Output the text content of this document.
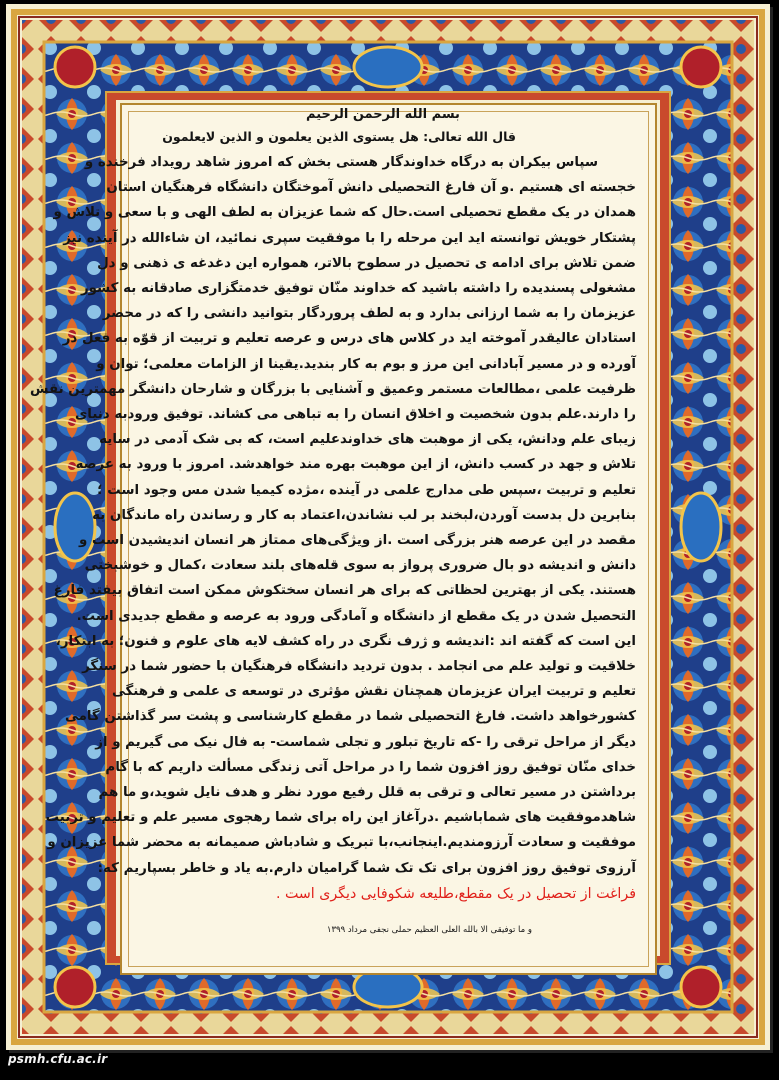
بسم الله الرحمن الرحیم

قال الله تعالی: هل یستوی الذین یعلمون و الذین لایعلمون

سپاس بیکران به درگاه خداوندگار هستی بخش که امروز شاهد رویداد فرخنده و

خجسته ای هستیم .و آن فارغ التحصیلی دانش آموختگان دانشگاه فرهنگیان استان

همدان در یک مقطع تحصیلی است.حال که شما عزیزان به لطف الهی و با سعی و تلاش و

پشتکار خویش توانسته اید این مرحله را با موفقیت سپری نمائید، ان شاءالله در آینده نیز

ضمن تلاش برای ادامه ی تحصیل در سطوح بالاتر، همواره این دغدغه ی ذهنی و دل

مشغولی پسندیده را داشته باشید که خداوند منّان توفیق خدمتگزاری صادقانه به کشور

عزیزمان را به شما ارزانی بدارد و به لطف پروردگار بتوانید دانشی را که در محضر

استادان عالیقدر آموخته اید در کلاس های درس و عرصه تعلیم و تربیت از قوّه به فعل در

آورده و در مسیر آبادانی این مرز و بوم به کار بندید.یقینا از الزامات معلمی؛ توان و

ظرفیت علمی ،مطالعات مستمر وعمیق و آشنایی با بزرگان و شارحان دانشگر مهمترین نقش

را دارند.علم بدون شخصیت و اخلاق انسان را به تباهی می کشاند. توفیق ورودبه دنیای

زیبای علم ودانش، یکی از موهبت های خداوندعلیم است، که بی شک آدمی در سایه

تلاش و جهد در کسب دانش، از این موهبت بهره مند خواهدشد. امروز با ورود به عرصه

تعلیم و تربیت ،سپس طی مدارج علمی در آینده ،مژده کیمیا شدن مس وجود است ؛

بنابرین دل بدست آوردن،لبخند بر لب نشاندن،اعتماد به کار و رساندن راه ماندگان به

مقصد در این عرصه هنر بزرگی است .از ویژگی‌های ممتاز هر انسان اندیشیدن است و

دانش و اندیشه دو بال ضروری پرواز به سوی قله‌های بلند سعادت ،کمال و خوشبختی

هستند. یکی از بهترین لحظاتی که برای هر انسان سختکوش ممکن است اتفاق بیفتد فارغ

التحصیل شدن در یک مقطع از دانشگاه و آمادگی ورود به عرصه و مقطع جدیدی است.

این است که گفته اند :اندیشه و ژرف نگری در راه کشف لایه های علوم و فنون؛ به ابتکار،

خلاقیت و تولید علم می انجامد . بدون تردید دانشگاه فرهنگیان با حضور شما در سنگر

تعلیم و تربیت ایران عزیزمان همچنان نقش مؤثری در توسعه ی علمی و فرهنگی

کشورخواهد داشت. فارغ التحصیلی شما در مقطع کارشناسی و پشت سر گذاشتن گامی

دیگر از مراحل ترقی را -که تاریخ تبلور و تجلی شماست- به فال نیک می گیریم و از

خدای منّان توفیق روز افزون شما را در مراحل آتی زندگی مسألت داریم که با گام

برداشتن در مسیر تعالی و ترقی به قلل رفیع مورد نظر و هدف نایل شوید،و ما هم

شاهدموفقیت های شماباشیم .درآغاز این راه برای شما رهجوی مسیر علم و تعلیم و تربیت

موفقیت و سعادت آرزومندیم.اینجانب،با تبریک و شادباش صمیمانه به محضر شما عزیزان و

آرزوی توفیق روز افزون برای تک تک شما گرامیان دارم.به یاد و خاطر بسپاریم که:

فراغت از تحصیل در یک مقطع،طلیعه شکوفایی دیگری است .

و ما توفیقی الا بالله العلی العظیم حملی نجفی مرداد ۱۳۹۹
psmh.cfu.ac.ir
